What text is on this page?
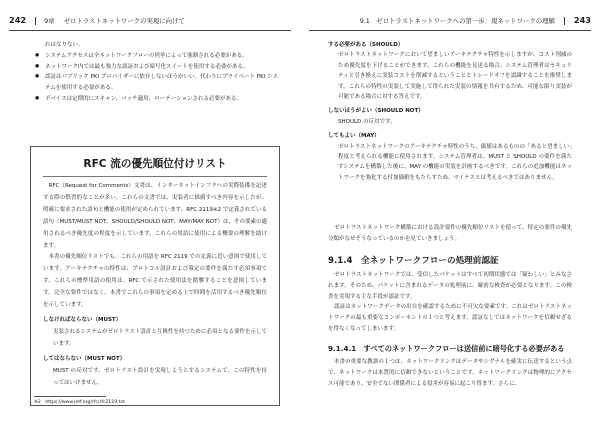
242	9章 ゼロトラストネットワークの実現に向けて
れはなりない。
● システムアクセスは全ネットワークフローの列挙によって強制される必要がある。
● ネットワーク内では最も強力な認証および暗号化スイートを使用する必要がある。
● 認証はパブリック PKI プロバイダーに依存しないほうがいい。代わりにプライベート PKI システムを使用する必要がある。
● デバイスは定期的にスキャン、パッチ適用、ローテーションされる必要がある。
RFC 流の優先順位付けリスト

RFC（Request for Comments）文書は、インターネットインフラへの実際装備を記述する際の慣習的なことが多い。これらの文書では、実装者に推薦すべき内容を示したが、明確に要求された語句と機能の使用が定められています。RFC 2119※2 で定義されている語句（MUST/MUST NOT、SHOULD/SHOULD NOT、MAY/MAY NOT）は、その要素の適用されるべき優先度の程度を示しています。これらの用語に使用による概要の理解を助けます。

本書の優先順位リストでも、これらの用語を RFC 2119 での定義に近い意図で使用しています。アーキテクチャの特性は、プロトコル設計および策定の要件を満たす必須事項です。これらの標準用語の使用は、RFC で示された使用法を踏襲することを意図しています。完全な要件ではなく、本書でこれらの事項を定める上で時間を活用するべき優先順位を示しています。

しなければならない（MUST）
実装されるシステムがゼロトラスト設計と互換性を持つために必須となる要件を示しています。
してはならない（MUST NOT）
MUST の反対です。ゼロトラスト設計を実現しようとするシステムで、この特性を持ってはいけません。
※2　https://www.ietf.org/rfc/rfc2119.txt
9.1　ゼロトラストネットワークへの第一歩：現ネットワークの理解 243
する必要がある（SHOULD）
ゼロトラストネットワークにおいて望ましいアーキテクチャ特性を示しますが、コスト削減のため優先度を下げることができます。これらの機能を見送る場合、システム管理者はセキュリティと引き換えに実装コストを削減するということとトレードオフを認識することを推奨します。これらの特性の実装して実施して得られた実装の情報を共有するため、可能な限り実装が可能である場合に対する答えです。
しないほうがよい（SHOULD NOT）
SHOULD の反対です。
してもよい（MAY）
ゼロトラストネットワークのアーキテクチャ特性のうち、価値はあるものの「あると望ましい」程度と考えられる機能に使用されます。システム管理者は、MUST と SHOULD の要件を満たすシステムを構築した後に、MAY の機能の実装を計画するべきです。これらの追加機能はネットワークを強化する付加価値をもたらすため、マイナスとは考えるべきではありません。

ゼロトラストネットワーク構築における設計要件の優先順位リストを使って、特定の要件の優先分類がなぜそうなっているのかを見ていきましょう。

9.1.4　全ネットワークフローの処理前認証

ゼロトラストネットワークでは、受信したパケットはすべて初期状態では「疑わしい」とみなされます。そのため、パケットに含まれるデータの処理前に、厳密な検査が必要となります。この検査を実現する主な手段が認証です。

認証はネットワークデータの出自を確認するために不可欠な要素です。これはゼロトラストネットワークの最も重要なコンポーネントの１つと考えます。認証なしではネットワークを信頼せざるを得なくなってしまいます。

9.1.4.1　すべてのネットワークフローは送信前に暗号化する必要がある

本書の重要な教訓の１つは、ネットワークリンクはデータやシグナルを確実に伝送するという点で、ネットワークは本質的に信頼できないということです。ネットワークリンクは物理的にアクセス可能であり、安全でない関係者による侵害が容易に起こり得ます。さらに、
